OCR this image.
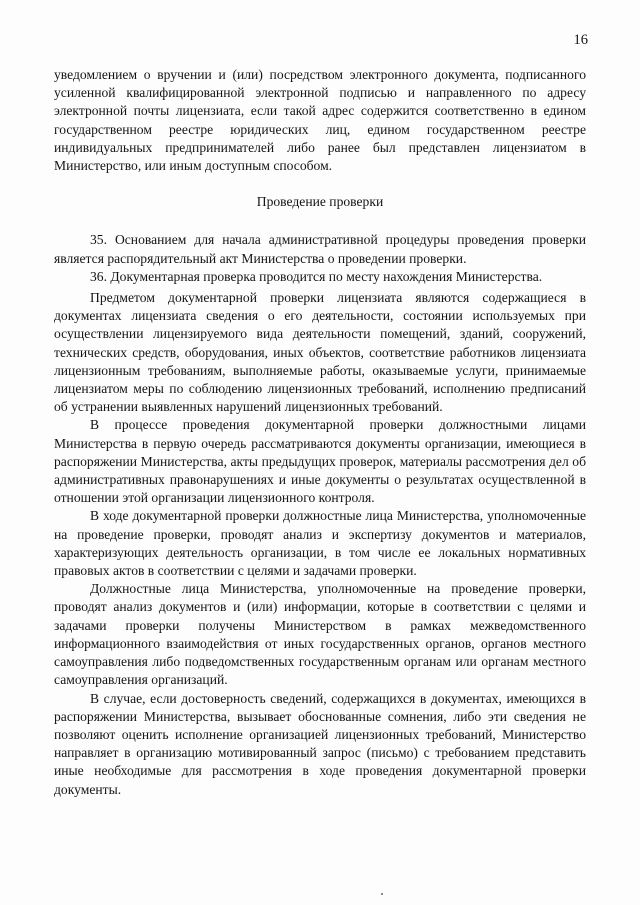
16

уведомлением о вручении и (или) посредством электронного документа, подписанного усиленной квалифицированной электронной подписью и направленного по адресу электронной почты лицензиата, если такой адрес содержится соответственно в едином государственном реестре юридических лиц, едином государственном реестре индивидуальных предпринимателей либо ранее был представлен лицензиатом в Министерство, или иным доступным способом.

Проведение проверки

35. Основанием для начала административной процедуры проведения проверки является распорядительный акт Министерства о проведении проверки.

36. Документарная проверка проводится по месту нахождения Министерства.

Предметом документарной проверки лицензиата являются содержащиеся в документах лицензиата сведения о его деятельности, состоянии используемых при осуществлении лицензируемого вида деятельности помещений, зданий, сооружений, технических средств, оборудования, иных объектов, соответствие работников лицензиата лицензионным требованиям, выполняемые работы, оказываемые услуги, принимаемые лицензиатом меры по соблюдению лицензионных требований, исполнению предписаний об устранении выявленных нарушений лицензионных требований.

В процессе проведения документарной проверки должностными лицами Министерства в первую очередь рассматриваются документы организации, имеющиеся в распоряжении Министерства, акты предыдущих проверок, материалы рассмотрения дел об административных правонарушениях и иные документы о результатах осуществленной в отношении этой организации лицензионного контроля.

В ходе документарной проверки должностные лица Министерства, уполномоченные на проведение проверки, проводят анализ и экспертизу документов и материалов, характеризующих деятельность организации, в том числе ее локальных нормативных правовых актов в соответствии с целями и задачами проверки.

Должностные лица Министерства, уполномоченные на проведение проверки, проводят анализ документов и (или) информации, которые в соответствии с целями и задачами проверки получены Министерством в рамках межведомственного информационного взаимодействия от иных государственных органов, органов местного самоуправления либо подведомственных государственным органам или органам местного самоуправления организаций.

В случае, если достоверность сведений, содержащихся в документах, имеющихся в распоряжении Министерства, вызывает обоснованные сомнения, либо эти сведения не позволяют оценить исполнение организацией лицензионных требований, Министерство направляет в организацию мотивированный запрос (письмо) с требованием представить иные необходимые для рассмотрения в ходе проведения документарной проверки документы.
